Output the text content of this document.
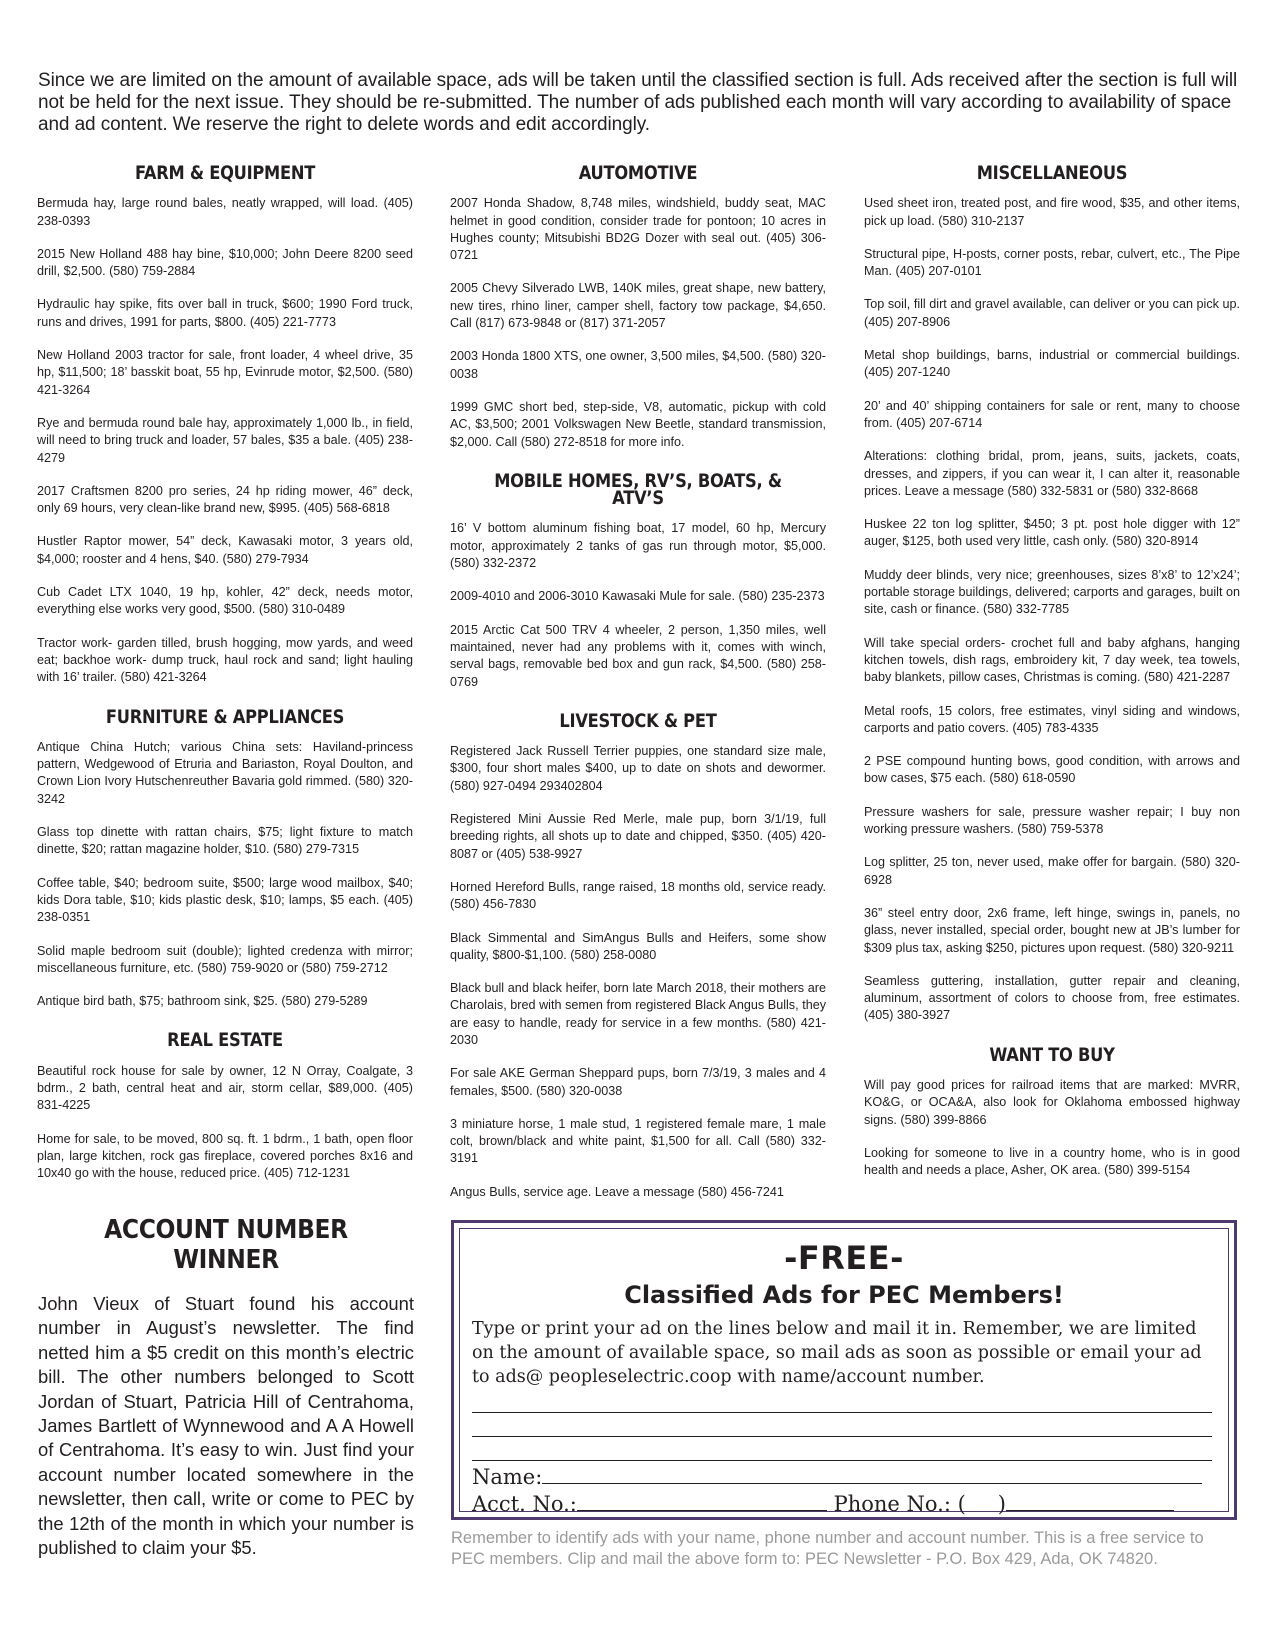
Since we are limited on the amount of available space, ads will be taken until the classified section is full. Ads received after the section is full will not be held for the next issue. They should be re-submitted. The number of ads published each month will vary according to availability of space and ad content. We reserve the right to delete words and edit accordingly.
FARM & EQUIPMENT
Bermuda hay, large round bales, neatly wrapped, will load. (405) 238-0393
2015 New Holland 488 hay bine, $10,000; John Deere 8200 seed drill, $2,500. (580) 759-2884
Hydraulic hay spike, fits over ball in truck, $600; 1990 Ford truck, runs and drives, 1991 for parts, $800. (405) 221-7773
New Holland 2003 tractor for sale, front loader, 4 wheel drive, 35 hp, $11,500; 18’ basskit boat, 55 hp, Evinrude motor, $2,500. (580) 421-3264
Rye and bermuda round bale hay, approximately 1,000 lb., in field, will need to bring truck and loader, 57 bales, $35 a bale. (405) 238-4279
2017 Craftsmen 8200 pro series, 24 hp riding mower, 46” deck, only 69 hours, very clean-like brand new, $995. (405) 568-6818
Hustler Raptor mower, 54” deck, Kawasaki motor, 3 years old, $4,000; rooster and 4 hens, $40. (580) 279-7934
Cub Cadet LTX 1040, 19 hp, kohler, 42” deck, needs motor, everything else works very good, $500. (580) 310-0489
Tractor work- garden tilled, brush hogging, mow yards, and weed eat; backhoe work- dump truck, haul rock and sand; light hauling with 16’ trailer. (580) 421-3264
FURNITURE & APPLIANCES
Antique China Hutch; various China sets: Haviland-princess pattern, Wedgewood of Etruria and Bariaston, Royal Doulton, and Crown Lion Ivory Hutschenreuther Bavaria gold rimmed. (580) 320-3242
Glass top dinette with rattan chairs, $75; light fixture to match dinette, $20; rattan magazine holder, $10. (580) 279-7315
Coffee table, $40; bedroom suite, $500; large wood mailbox, $40; kids Dora table, $10; kids plastic desk, $10; lamps, $5 each. (405) 238-0351
Solid maple bedroom suit (double); lighted credenza with mirror; miscellaneous furniture, etc. (580) 759-9020 or (580) 759-2712
Antique bird bath, $75; bathroom sink, $25. (580) 279-5289
REAL ESTATE
Beautiful rock house for sale by owner, 12 N Orray, Coalgate, 3 bdrm., 2 bath, central heat and air, storm cellar, $89,000. (405) 831-4225
Home for sale, to be moved, 800 sq. ft. 1 bdrm., 1 bath, open floor plan, large kitchen, rock gas fireplace, covered porches 8x16 and 10x40 go with the house, reduced price. (405) 712-1231
AUTOMOTIVE
2007 Honda Shadow, 8,748 miles, windshield, buddy seat, MAC helmet in good condition, consider trade for pontoon; 10 acres in Hughes county; Mitsubishi BD2G Dozer with seal out. (405) 306-0721
2005 Chevy Silverado LWB, 140K miles, great shape, new battery, new tires, rhino liner, camper shell, factory tow package, $4,650. Call (817) 673-9848 or (817) 371-2057
2003 Honda 1800 XTS, one owner, 3,500 miles, $4,500. (580) 320-0038
1999 GMC short bed, step-side, V8, automatic, pickup with cold AC, $3,500; 2001 Volkswagen New Beetle, standard transmission, $2,000. Call (580) 272-8518 for more info.
MOBILE HOMES, RV’S, BOATS, & ATV’S
16’ V bottom aluminum fishing boat, 17 model, 60 hp, Mercury motor, approximately 2 tanks of gas run through motor, $5,000. (580) 332-2372
2009-4010 and 2006-3010 Kawasaki Mule for sale. (580) 235-2373
2015 Arctic Cat 500 TRV 4 wheeler, 2 person, 1,350 miles, well maintained, never had any problems with it, comes with winch, serval bags, removable bed box and gun rack, $4,500. (580) 258-0769
LIVESTOCK & PET
Registered Jack Russell Terrier puppies, one standard size male, $300, four short males $400, up to date on shots and dewormer. (580) 927-0494 293402804
Registered Mini Aussie Red Merle, male pup, born 3/1/19, full breeding rights, all shots up to date and chipped, $350. (405) 420-8087 or (405) 538-9927
Horned Hereford Bulls, range raised, 18 months old, service ready. (580) 456-7830
Black Simmental and SimAngus Bulls and Heifers, some show quality, $800-$1,100. (580) 258-0080
Black bull and black heifer, born late March 2018, their mothers are Charolais, bred with semen from registered Black Angus Bulls, they are easy to handle, ready for service in a few months. (580) 421-2030
For sale AKE German Sheppard pups, born 7/3/19, 3 males and 4 females, $500. (580) 320-0038
3 miniature horse, 1 male stud, 1 registered female mare, 1 male colt, brown/black and white paint, $1,500 for all. Call (580) 332-3191
Angus Bulls, service age. Leave a message (580) 456-7241
MISCELLANEOUS
Used sheet iron, treated post, and fire wood, $35, and other items, pick up load. (580) 310-2137
Structural pipe, H-posts, corner posts, rebar, culvert, etc., The Pipe Man. (405) 207-0101
Top soil, fill dirt and gravel available, can deliver or you can pick up. (405) 207-8906
Metal shop buildings, barns, industrial or commercial buildings. (405) 207-1240
20’ and 40’ shipping containers for sale or rent, many to choose from. (405) 207-6714
Alterations: clothing bridal, prom, jeans, suits, jackets, coats, dresses, and zippers, if you can wear it, I can alter it, reasonable prices. Leave a message (580) 332-5831 or (580) 332-8668
Huskee 22 ton log splitter, $450; 3 pt. post hole digger with 12” auger, $125, both used very little, cash only. (580) 320-8914
Muddy deer blinds, very nice; greenhouses, sizes 8’x8’ to 12’x24’; portable storage buildings, delivered; carports and garages, built on site, cash or finance. (580) 332-7785
Will take special orders- crochet full and baby afghans, hanging kitchen towels, dish rags, embroidery kit, 7 day week, tea towels, baby blankets, pillow cases, Christmas is coming. (580) 421-2287
Metal roofs, 15 colors, free estimates, vinyl siding and windows, carports and patio covers. (405) 783-4335
2 PSE compound hunting bows, good condition, with arrows and bow cases, $75 each. (580) 618-0590
Pressure washers for sale, pressure washer repair; I buy non working pressure washers. (580) 759-5378
Log splitter, 25 ton, never used, make offer for bargain. (580) 320-6928
36” steel entry door, 2x6 frame, left hinge, swings in, panels, no glass, never installed, special order, bought new at JB’s lumber for $309 plus tax, asking $250, pictures upon request. (580) 320-9211
Seamless guttering, installation, gutter repair and cleaning, aluminum, assortment of colors to choose from, free estimates. (405) 380-3927
WANT TO BUY
Will pay good prices for railroad items that are marked: MVRR, KO&G, or OCA&A, also look for Oklahoma embossed highway signs. (580) 399-8866
Looking for someone to live in a country home, who is in good health and needs a place, Asher, OK area. (580) 399-5154
ACCOUNT NUMBER WINNER

John Vieux of Stuart found his account number in August’s newsletter. The find netted him a $5 credit on this month’s electric bill. The other numbers belonged to Scott Jordan of Stuart, Patricia Hill of Centrahoma, James Bartlett of Wynnewood and A A Howell of Centrahoma. It’s easy to win. Just find your account number located somewhere in the newsletter, then call, write or come to PEC by the 12th of the month in which your number is published to claim your $5.

-FREE-
Classified Ads for PEC Members!
Type or print your ad on the lines below and mail it in. Remember, we are limited on the amount of available space, so mail ads as soon as possible or email your ad to ads@ peopleselectric.coop with name/account number.
Name:
Acct. No.:	Phone No.: ( )
Remember to identify ads with your name, phone number and account number. This is a free service to PEC members. Clip and mail the above form to: PEC Newsletter - P.O. Box 429, Ada, OK 74820.
